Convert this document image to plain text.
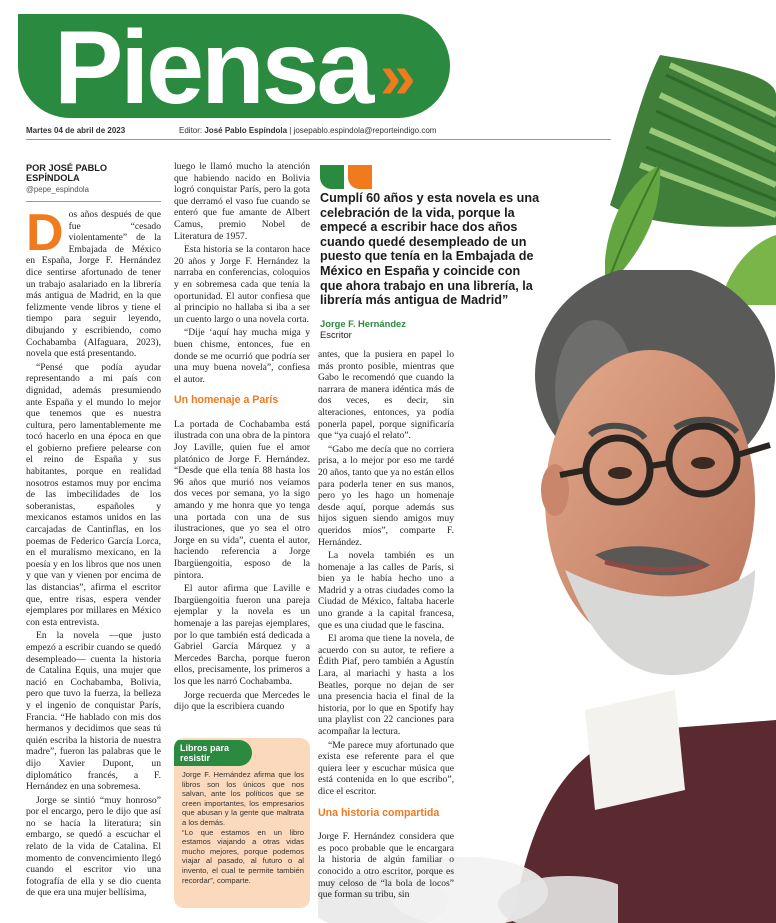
Piensa »
Martes 04 de abril de 2023	Editor: José Pablo Espíndola | josepablo.espindola@reporteindigo.com
POR JOSÉ PABLO ESPÍNDOLA
@pepe_espindola
D os años después de que fue “cesado violentamente” de la Embajada de México en España, Jorge F. Hernández dice sentirse afortunado de tener un trabajo asalariado en la librería más antigua de Madrid, en la que felizmente vende libros y tiene el tiempo para seguir leyendo, dibujando y escribiendo, como Cochabamba (Alfaguara, 2023), novela que está presentando.

“Pensé que podía ayudar representando a mi país con dignidad, además presumiendo ante España y el mundo lo mejor que tenemos que es nuestra cultura, pero lamentablemente me tocó hacerlo en una época en que el gobierno prefiere pelearse con el reino de España y sus habitantes, porque en realidad nosotros estamos muy por encima de las imbecilidades de los soberanistas, españoles y mexicanos estamos unidos en las carcajadas de Cantinflas, en los poemas de Federico García Lorca, en el muralismo mexicano, en la poesía y en los libros que nos unen y que van y vienen por encima de las distancias”, afirma el escritor que, entre risas, espera vender ejemplares por millares en México con esta entrevista.

En la novela —que justo empezó a escribir cuando se quedó desempleado— cuenta la historia de Catalina Equis, una mujer que nació en Cochabamba, Bolivia, pero que tuvo la fuerza, la belleza y el ingenio de conquistar París, Francia. “He hablado con mis dos hermanos y decidimos que seas tú quién escriba la historia de nuestra madre”, fueron las palabras que le dijo Xavier Dupont, un diplomático francés, a F. Hernández en una sobremesa.

Jorge se sintió “muy honroso” por el encargo, pero le dijo que así no se hacía la literatura; sin embargo, se quedó a escuchar el relato de la vida de Catalina. El momento de convencimiento llegó cuando el escritor vio una fotografía de ella y se dio cuenta de que era una mujer bellísima,

luego le llamó mucho la atención que habiendo nacido en Bolivia logró conquistar París, pero la gota que derramó el vaso fue cuando se enteró que fue amante de Albert Camus, premio Nobel de Literatura de 1957.

Esta historia se la contaron hace 20 años y Jorge F. Hernández la narraba en conferencias, coloquios y en sobremesa cada que tenía la oportunidad. El autor confiesa que al principio no hallaba si iba a ser un cuento largo o una novela corta.

“Dije ‘aquí hay mucha miga y buen chisme, entonces, fue en donde se me ocurrió que podría ser una muy buena novela”, confiesa el autor.

Un homenaje a París

La portada de Cochabamba está ilustrada con una obra de la pintora Joy Laville, quien fue el amor platónico de Jorge F. Hernández. “Desde que ella tenía 88 hasta los 96 años que murió nos veíamos dos veces por semana, yo la sigo amando y me honra que yo tenga una portada con una de sus ilustraciones, que yo sea el otro Jorge en su vida”, cuenta el autor, haciendo referencia a Jorge Ibargüengoitia, esposo de la pintora.

El autor afirma que Laville e Ibargüengoitia fueron una pareja ejemplar y la novela es un homenaje a las parejas ejemplares, por lo que también está dedicada a Gabriel García Márquez y a Mercedes Barcha, porque fueron ellos, precisamente, los primeros a los que les narró Cochabamba.

Jorge recuerda que Mercedes le dijo que la escribiera cuando

Libros para resistir

Jorge F. Hernández afirma que los libros son los únicos que nos salvan, ante los políticos que se creen importantes, los empresarios que abusan y la gente que maltrata a los demás.

“Lo que estamos en un libro estamos viajando a otras vidas mucho mejores, porque podemos viajar al pasado, al futuro o al invento, el cual te permite también recordar”, comparte.

Cumplí 60 años y esta novela es una celebración de la vida, porque la empecé a escribir hace dos años cuando quedé desempleado de un puesto que tenía en la Embajada de México en España y coincide con que ahora trabajo en una librería, la librería más antigua de Madrid”
Jorge F. Hernández
Escritor

antes, que la pusiera en papel lo más pronto posible, mientras que Gabo le recomendó que cuando la narrara de manera idéntica más de dos veces, es decir, sin alteraciones, entonces, ya podía ponerla papel, porque significaría que “ya cuajó el relato”.

“Gabo me decía que no corriera prisa, a lo mejor por eso me tardé 20 años, tanto que ya no están ellos para poderla tener en sus manos, pero yo les hago un homenaje desde aquí, porque además sus hijos siguen siendo amigos muy queridos míos”, comparte F. Hernández.

La novela también es un homenaje a las calles de París, si bien ya le había hecho uno a Madrid y a otras ciudades como la Ciudad de México, faltaba hacerle uno grande a la capital francesa, que es una ciudad que le fascina.

El aroma que tiene la novela, de acuerdo con su autor, te refiere a Édith Piaf, pero también a Agustín Lara, al mariachi y hasta a los Beatles, porque no dejan de ser una presencia hacia el final de la historia, por lo que en Spotify hay una playlist con 22 canciones para acompañar la lectura.

“Me parece muy afortunado que exista ese referente para el que quiera leer y escuchar música que está contenida en lo que escribo”, dice el escritor.

Una historia compartida

Jorge F. Hernández considera que es poco probable que le encargara la historia de algún familiar o conocido a otro escritor, porque es muy celoso de “la bola de locos” que forman su tribu, sin
